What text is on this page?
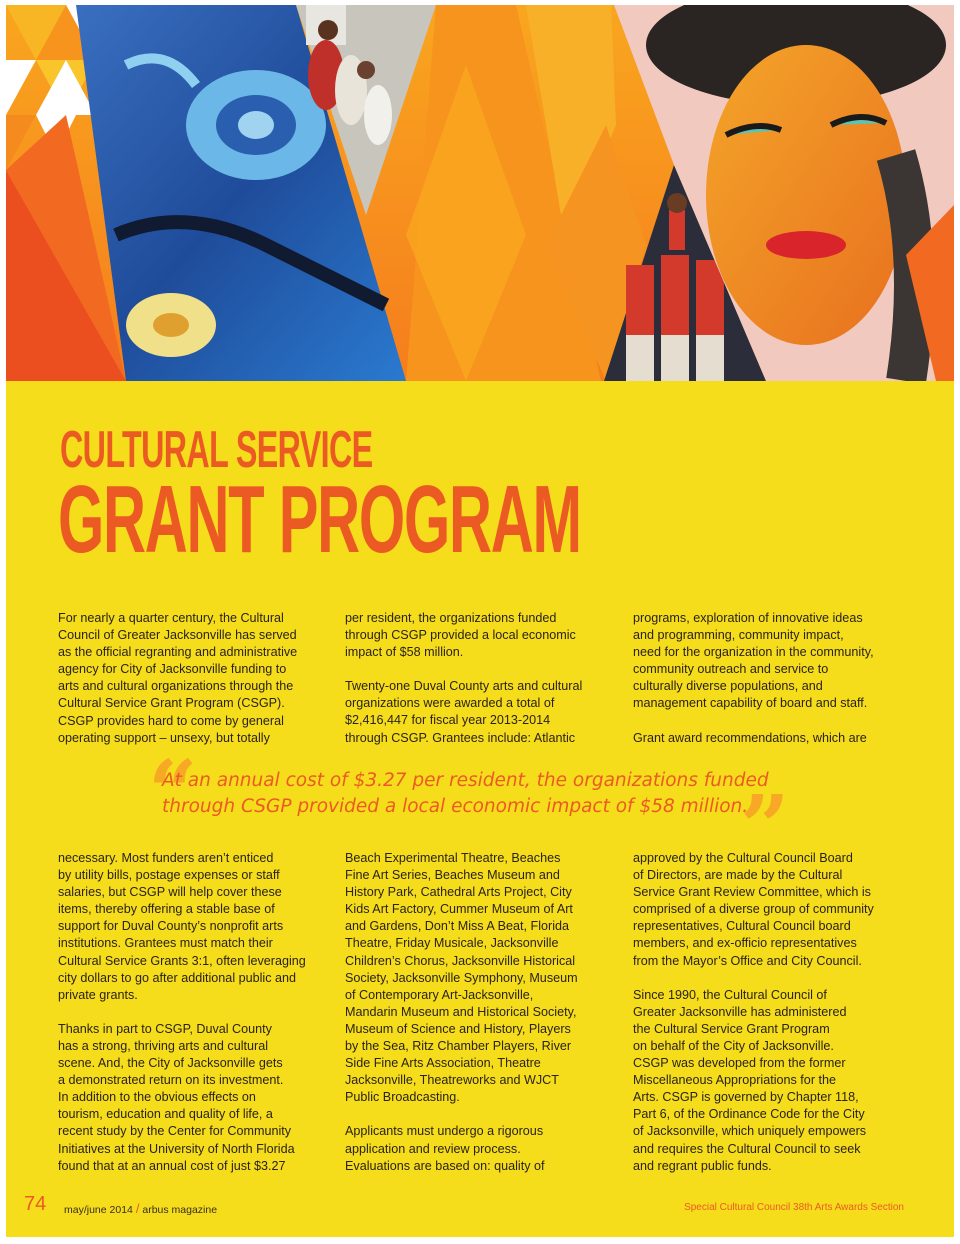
CULTURAL SERVICE
GRANT PROGRAM

For nearly a quarter century, the Cultural
Council of Greater Jacksonville has served
as the official regranting and administrative
agency for City of Jacksonville funding to
arts and cultural organizations through the
Cultural Service Grant Program (CSGP).
CSGP provides hard to come by general
operating support – unsexy, but totally

per resident, the organizations funded
through CSGP provided a local economic
impact of $58 million.

Twenty-one Duval County arts and cultural
organizations were awarded a total of
$2,416,447 for fiscal year 2013-2014
through CSGP. Grantees include: Atlantic

programs, exploration of innovative ideas
and programming, community impact,
need for the organization in the community,
community outreach and service to
culturally diverse populations, and
management capability of board and staff.

Grant award recommendations, which are

“
At an annual cost of $3.27 per resident, the organizations funded
through CSGP provided a local economic impact of $58 million.
”

necessary. Most funders aren’t enticed
by utility bills, postage expenses or staff
salaries, but CSGP will help cover these
items, thereby offering a stable base of
support for Duval County’s nonprofit arts
institutions. Grantees must match their
Cultural Service Grants 3:1, often leveraging
city dollars to go after additional public and
private grants.

Thanks in part to CSGP, Duval County
has a strong, thriving arts and cultural
scene. And, the City of Jacksonville gets
a demonstrated return on its investment.
In addition to the obvious effects on
tourism, education and quality of life, a
recent study by the Center for Community
Initiatives at the University of North Florida
found that at an annual cost of just $3.27

Beach Experimental Theatre, Beaches
Fine Art Series, Beaches Museum and
History Park, Cathedral Arts Project, City
Kids Art Factory, Cummer Museum of Art
and Gardens, Don’t Miss A Beat, Florida
Theatre, Friday Musicale, Jacksonville
Children’s Chorus, Jacksonville Historical
Society, Jacksonville Symphony, Museum
of Contemporary Art-Jacksonville,
Mandarin Museum and Historical Society,
Museum of Science and History, Players
by the Sea, Ritz Chamber Players, River
Side Fine Arts Association, Theatre
Jacksonville, Theatreworks and WJCT
Public Broadcasting.

Applicants must undergo a rigorous
application and review process.
Evaluations are based on: quality of

approved by the Cultural Council Board
of Directors, are made by the Cultural
Service Grant Review Committee, which is
comprised of a diverse group of community
representatives, Cultural Council board
members, and ex-officio representatives
from the Mayor’s Office and City Council.

Since 1990, the Cultural Council of
Greater Jacksonville has administered
the Cultural Service Grant Program
on behalf of the City of Jacksonville.
CSGP was developed from the former
Miscellaneous Appropriations for the
Arts. CSGP is governed by Chapter 118,
Part 6, of the Ordinance Code for the City
of Jacksonville, which uniquely empowers
and requires the Cultural Council to seek
and regrant public funds.

74 may/june 2014 / arbus magazine	Special Cultural Council 38th Arts Awards Section
